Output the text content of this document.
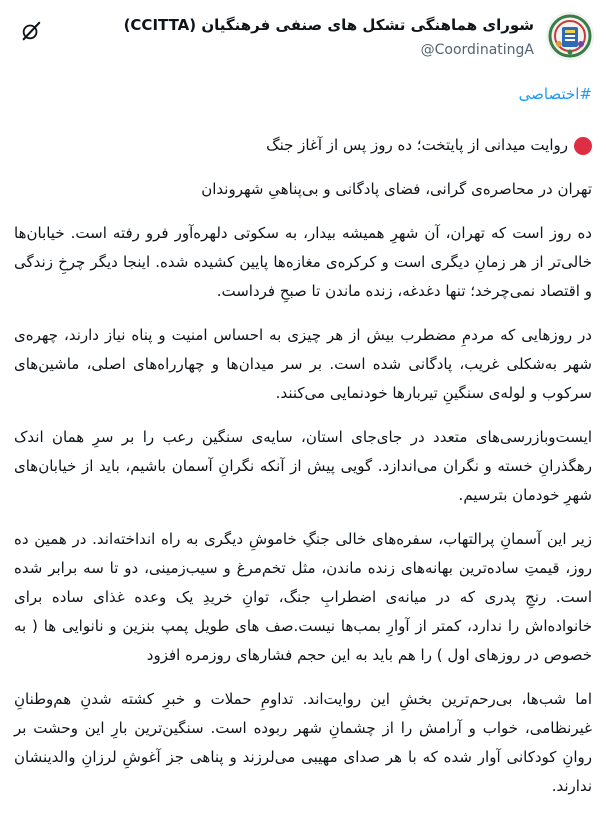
شورای هماهنگی تشکل های صنفی فرهنگیان (CCITTA)
@CoordinatingA
#اختصاصی
روایت میدانی از پایتخت؛ ده روز پس از آغاز جنگ

تهران در محاصره‌ی گرانی، فضای پادگانی و بی‌پناهیِ شهروندان

ده روز است که تهران، آن شهرِ همیشه بیدار، به سکوتی دلهره‌آور فرو رفته است. خیابان‌ها خالی‌تر از هر زمانِ دیگری است و کرکره‌ی مغازه‌ها پایین کشیده شده. اینجا دیگر چرخِ زندگی و اقتصاد نمی‌چرخد؛ تنها دغدغه، زنده ماندن تا صبحِ فرداست.

در روزهایی که مردمِ مضطرب بیش از هر چیزی به احساس امنیت و پناه نیاز دارند، چهره‌ی شهر به‌شکلی غریب، پادگانی شده است. بر سر میدان‌ها و چهارراه‌های اصلی، ماشین‌های سرکوب و لوله‌ی سنگینِ تیربارها خودنمایی می‌کنند.

ایست‌وبازرسی‌های متعدد در جای‌جای استان، سایه‌ی سنگین رعب را بر سرِ همان اندک رهگذرانِ خسته و نگران می‌اندازد. گویی پیش از آنکه نگرانِ آسمان باشیم، باید از خیابان‌های شهرِ خودمان بترسیم.

زیر این آسمانِ پرالتهاب، سفره‌های خالی جنگِ خاموشِ دیگری به راه انداخته‌اند. در همین ده روز، قیمتِ ساده‌ترین بهانه‌های زنده ماندن، مثل تخم‌مرغ و سیب‌زمینی، دو تا سه برابر شده است. رنجِ پدری که در میانه‌ی اضطرابِ جنگ، توانِ خریدِ یک وعده غذای ساده برای خانواده‌اش را ندارد، کمتر از آوارِ بمب‌ها نیست.صف های طویل پمپ بنزین و نانوایی ها ( به خصوص در روزهای اول ) را هم باید به این حجم فشارهای روزمره افزود

اما شب‌ها، بی‌رحم‌ترین بخشِ این روایت‌اند. تداومِ حملات و خبرِ کشته شدنِ هم‌وطنانِ غیرنظامی، خواب و آرامش را از چشمانِ شهر ربوده است. سنگین‌ترین بارِ این وحشت بر روانِ کودکانی آوار شده که با هر صدای مهیبی می‌لرزند و پناهی جز آغوشِ لرزانِ والدینشان ندارند.
